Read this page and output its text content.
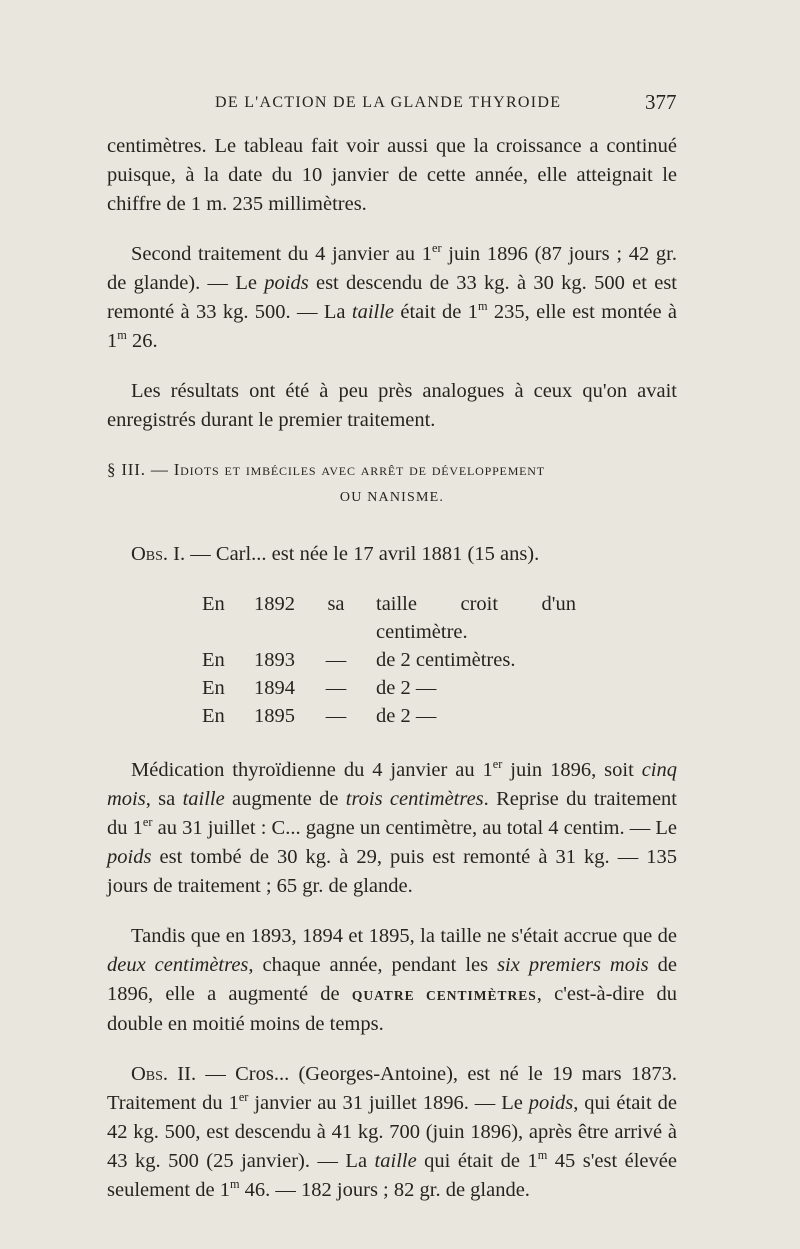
DE L'ACTION DE LA GLANDE THYROIDE	377

centimètres. Le tableau fait voir aussi que la croissance a continué puisque, à la date du 10 janvier de cette année, elle atteignait le chiffre de 1 m. 235 millimètres.

Second traitement du 4 janvier au 1er juin 1896 (87 jours ; 42 gr. de glande). — Le poids est descendu de 33 kg. à 30 kg. 500 et est remonté à 33 kg. 500. — La taille était de 1$^m$ 235, elle est montée à 1$^m$ 26.

Les résultats ont été à peu près analogues à ceux qu'on avait enregistrés durant le premier traitement.

§ III. — Idiots et imbéciles avec arrêt de développement
OU NANISME.

Obs. I. — Carl... est née le 17 avril 1881 (15 ans).

En	1892	sa	taille croit d'un centimètre.
En	1893	—	de 2 centimètres.
En	1894	—	de 2 —
En	1895	—	de 2 —

Médication thyroïdienne du 4 janvier au 1er juin 1896, soit cinq mois, sa taille augmente de trois centimètres. Reprise du traitement du 1er au 31 juillet : C... gagne un centimètre, au total 4 centim. — Le poids est tombé de 30 kg. à 29, puis est remonté à 31 kg. — 135 jours de traitement ; 65 gr. de glande.

Tandis que en 1893, 1894 et 1895, la taille ne s'était accrue que de deux centimètres, chaque année, pendant les six premiers mois de 1896, elle a augmenté de QUATRE CENTIMÈTRES, c'est-à-dire du double en moitié moins de temps.

Obs. II. — Cros... (Georges-Antoine), est né le 19 mars 1873. Traitement du 1er janvier au 31 juillet 1896. — Le poids, qui était de 42 kg. 500, est descendu à 41 kg. 700 (juin 1896), après être arrivé à 43 kg. 500 (25 janvier). — La taille qui était de 1$^m$ 45 s'est élevée seulement de 1$^m$ 46. — 182 jours ; 82 gr. de glande.
